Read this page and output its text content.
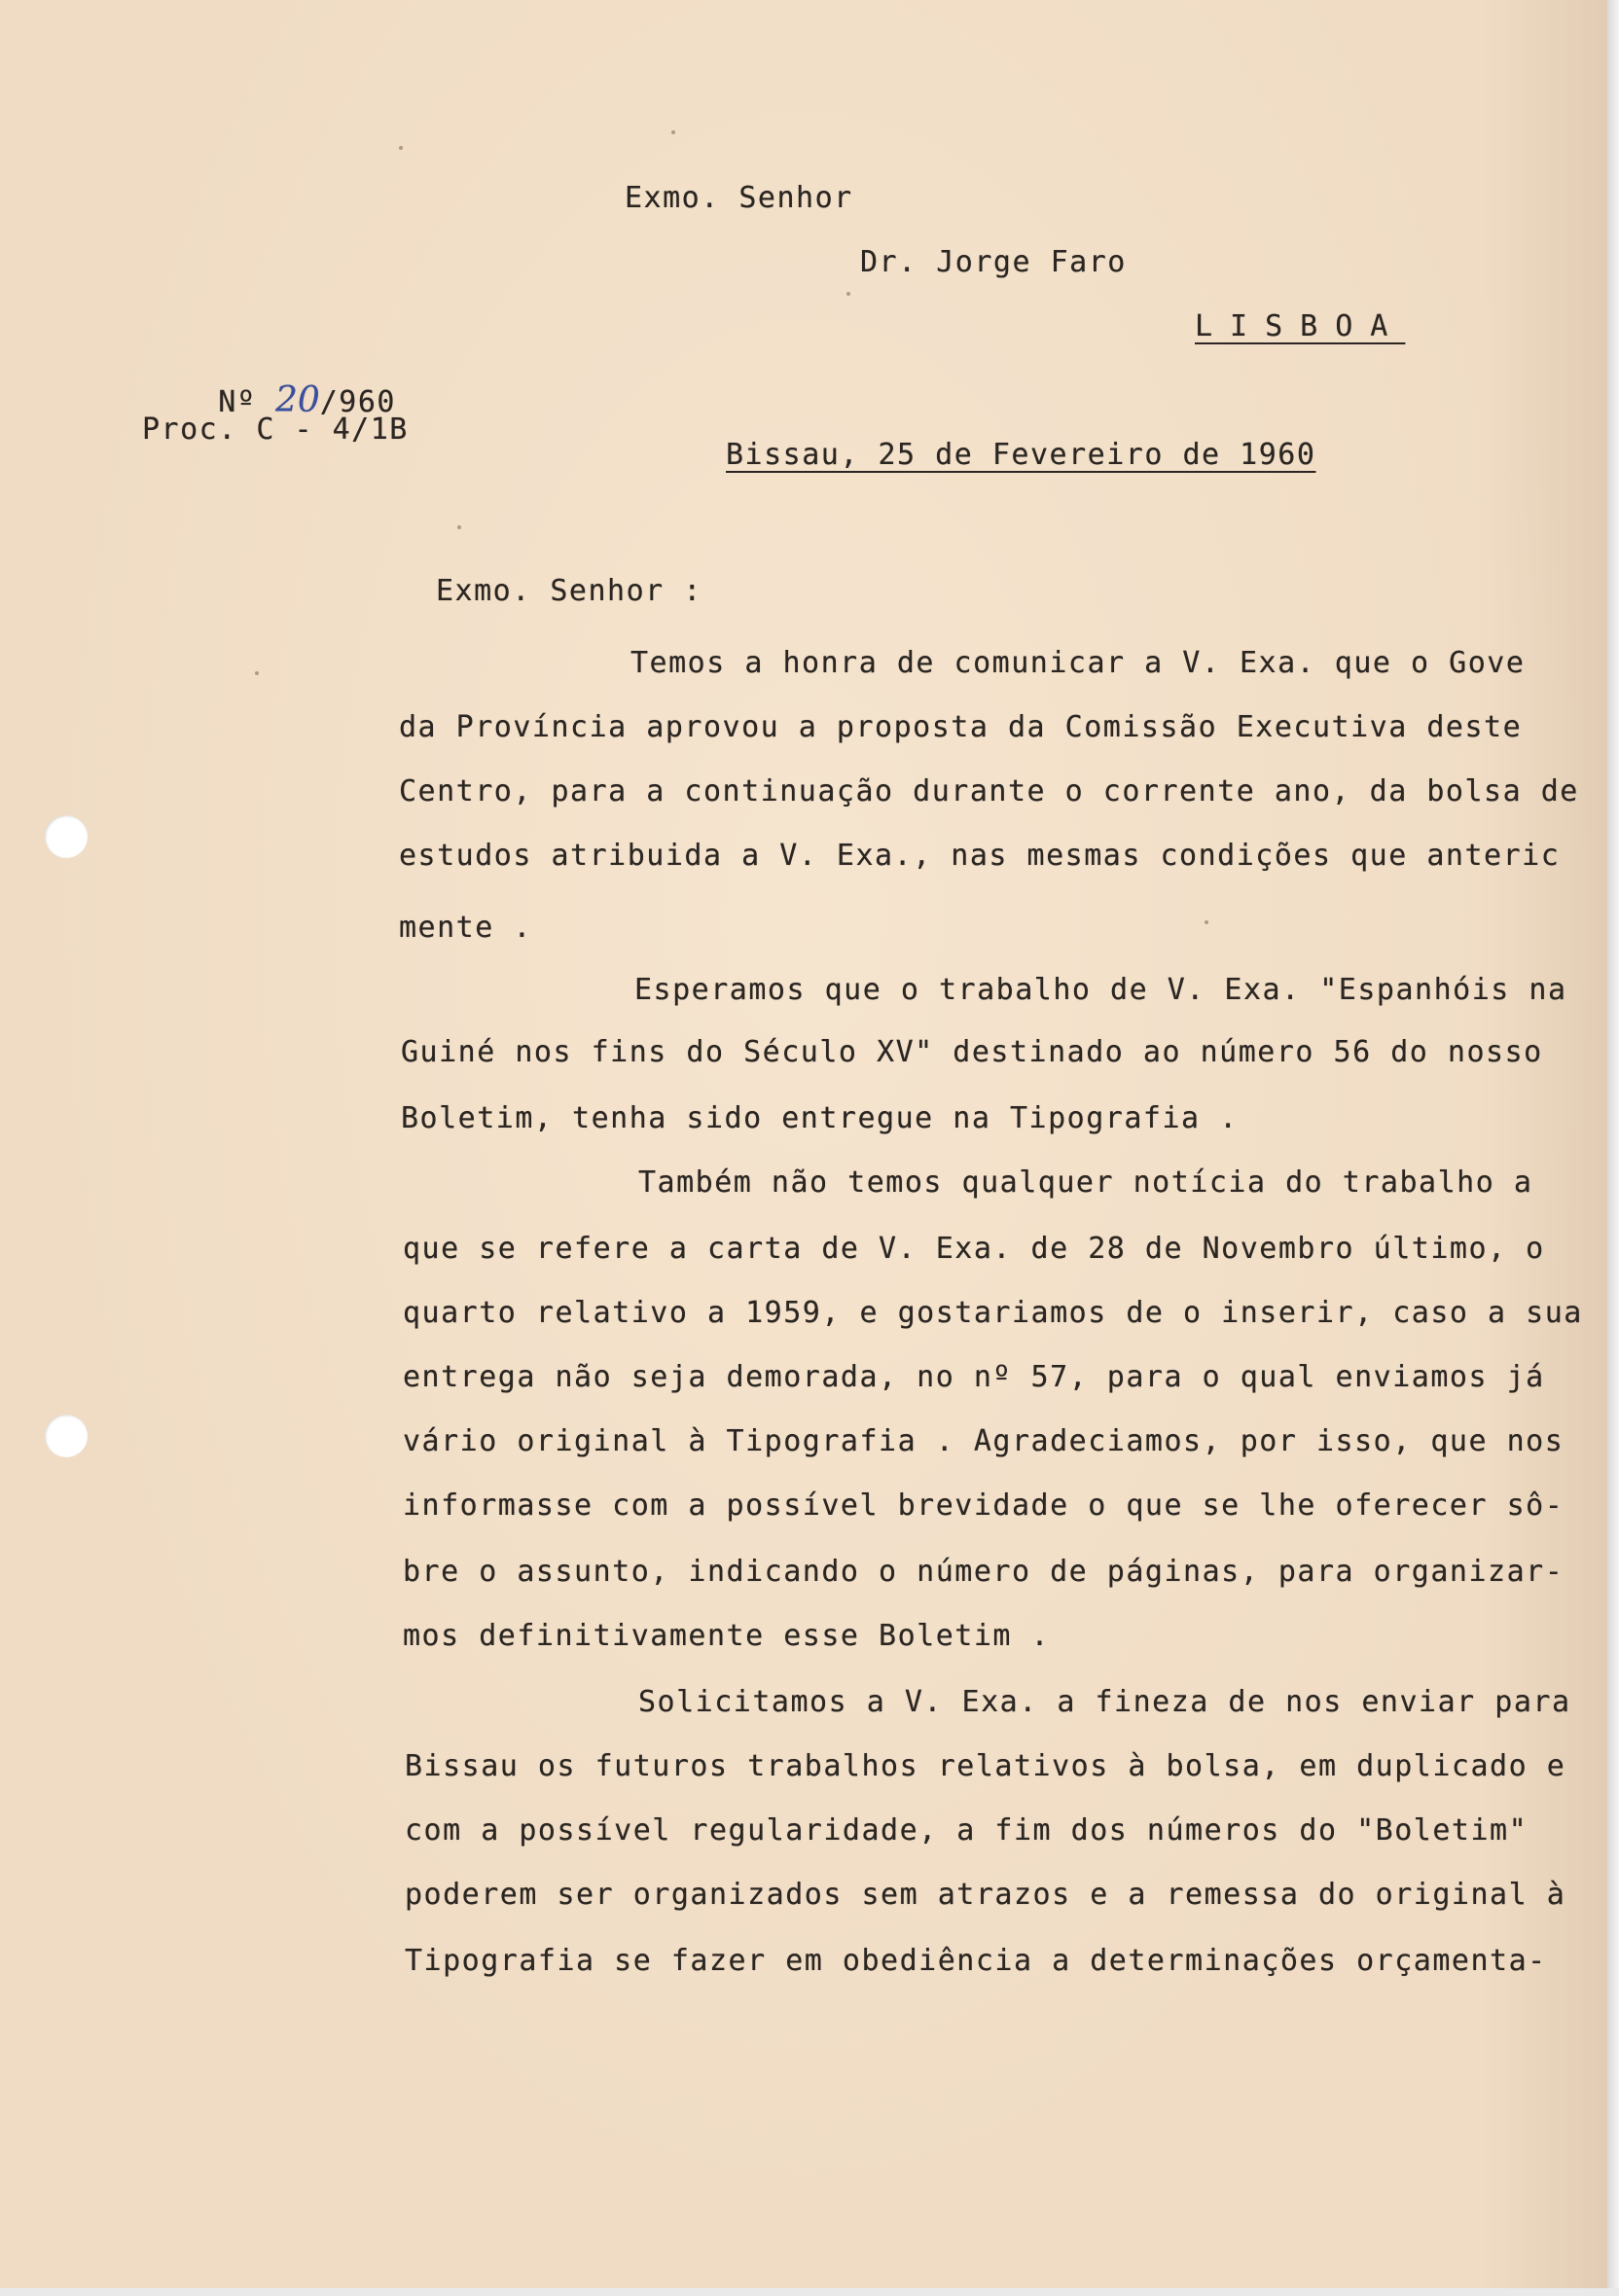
Exmo. Senhor
Dr. Jorge Faro
LISBOA

Nº 20/960

Proc. C - 4/1B
Bissau, 25 de Fevereiro de 1960
Exmo. Senhor :
Temos a honra de comunicar a V. Exa. que o Gove
da Província aprovou a proposta da Comissão Executiva deste
Centro, para a continuação durante o corrente ano, da bolsa de
estudos atribuida a V. Exa., nas mesmas condições que anteric
mente .
Esperamos que o trabalho de V. Exa. "Espanhóis na
Guiné nos fins do Século XV" destinado ao número 56 do nosso
Boletim, tenha sido entregue na Tipografia .
Também não temos qualquer notícia do trabalho a
que se refere a carta de V. Exa. de 28 de Novembro último, o
quarto relativo a 1959, e gostariamos de o inserir, caso a sua
entrega não seja demorada, no nº 57, para o qual enviamos já
vário original à Tipografia . Agradeciamos, por isso, que nos
informasse com a possível brevidade o que se lhe oferecer sô-
bre o assunto, indicando o número de páginas, para organizar-
mos definitivamente esse Boletim .
Solicitamos a V. Exa. a fineza de nos enviar para
Bissau os futuros trabalhos relativos à bolsa, em duplicado e
com a possível regularidade, a fim dos números do "Boletim"
poderem ser organizados sem atrazos e a remessa do original à
Tipografia se fazer em obediência a determinações orçamenta-
